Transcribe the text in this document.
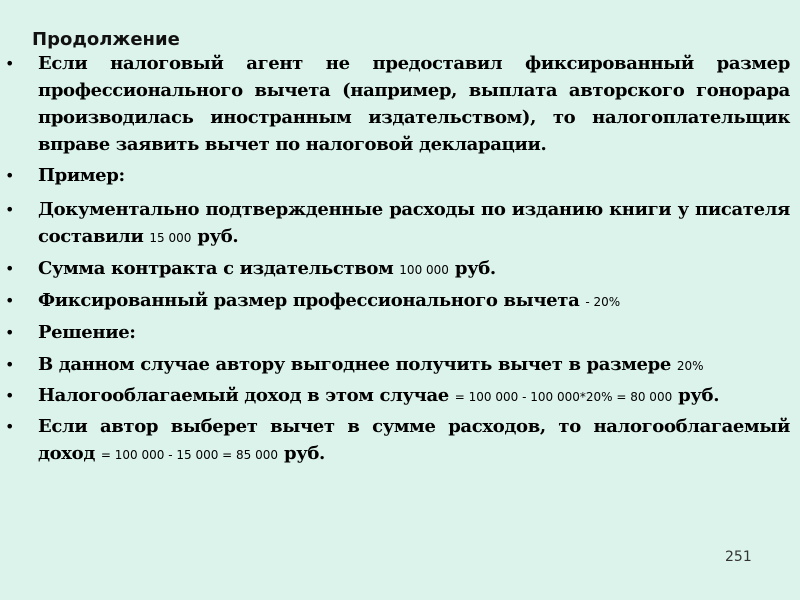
Продолжение
• Если налоговый агент не предоставил фиксированный размер профессионального вычета (например, выплата авторского гонорара производилась иностранным издательством), то налогоплательщик вправе заявить вычет по налоговой декларации.
• Пример:
• Документально подтвержденные расходы по изданию книги у писателя составили 15 000 руб.
• Сумма контракта с издательством 100 000 руб.
• Фиксированный размер профессионального вычета - 20%
• Решение:
• В данном случае автору выгоднее получить вычет в размере 20%
• Налогооблагаемый доход в этом случае = 100 000 - 100 000*20% = 80 000 руб.
• Если автор выберет вычет в сумме расходов, то налогооблагаемый доход = 100 000 - 15 000 = 85 000 руб.
251
